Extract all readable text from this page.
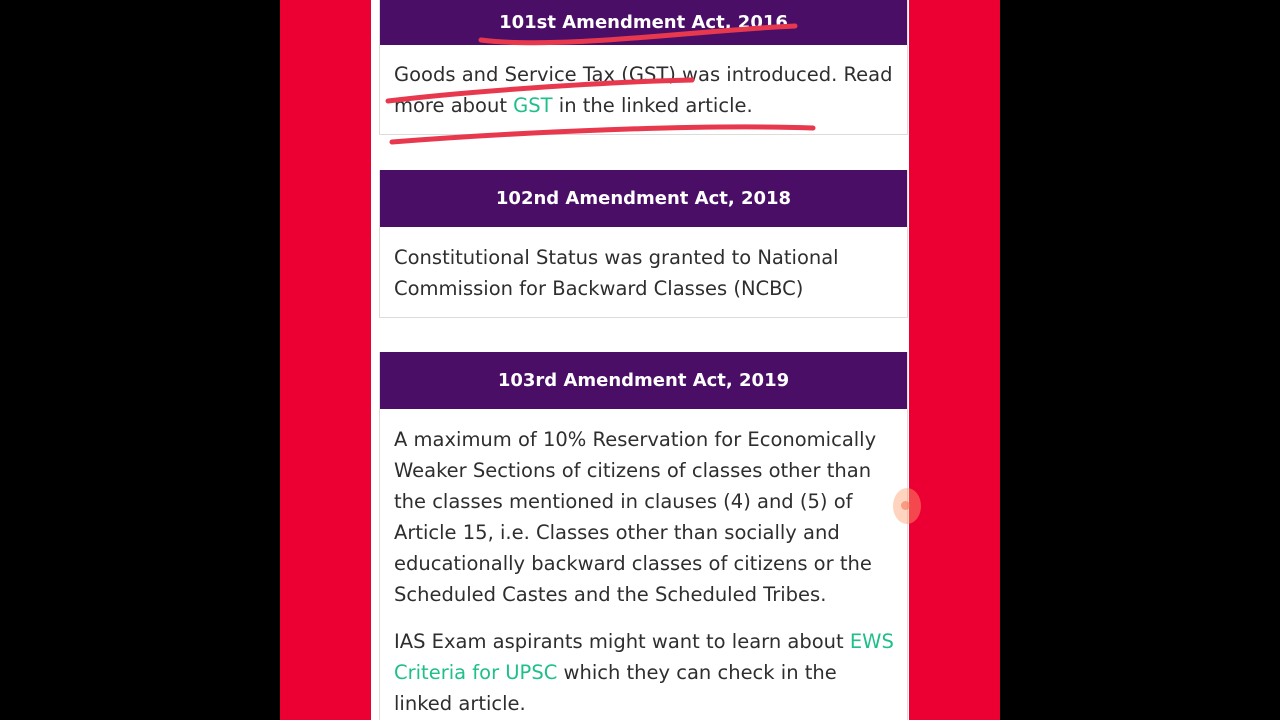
101st Amendment Act, 2016

Goods and Service Tax (GST) was introduced. Read more about GST in the linked article.

102nd Amendment Act, 2018

Constitutional Status was granted to National Commission for Backward Classes (NCBC)

103rd Amendment Act, 2019

A maximum of 10% Reservation for Economically Weaker Sections of citizens of classes other than the classes mentioned in clauses (4) and (5) of Article 15, i.e. Classes other than socially and educationally backward classes of citizens or the Scheduled Castes and the Scheduled Tribes.

IAS Exam aspirants might want to learn about EWS Criteria for UPSC which they can check in the linked article.
